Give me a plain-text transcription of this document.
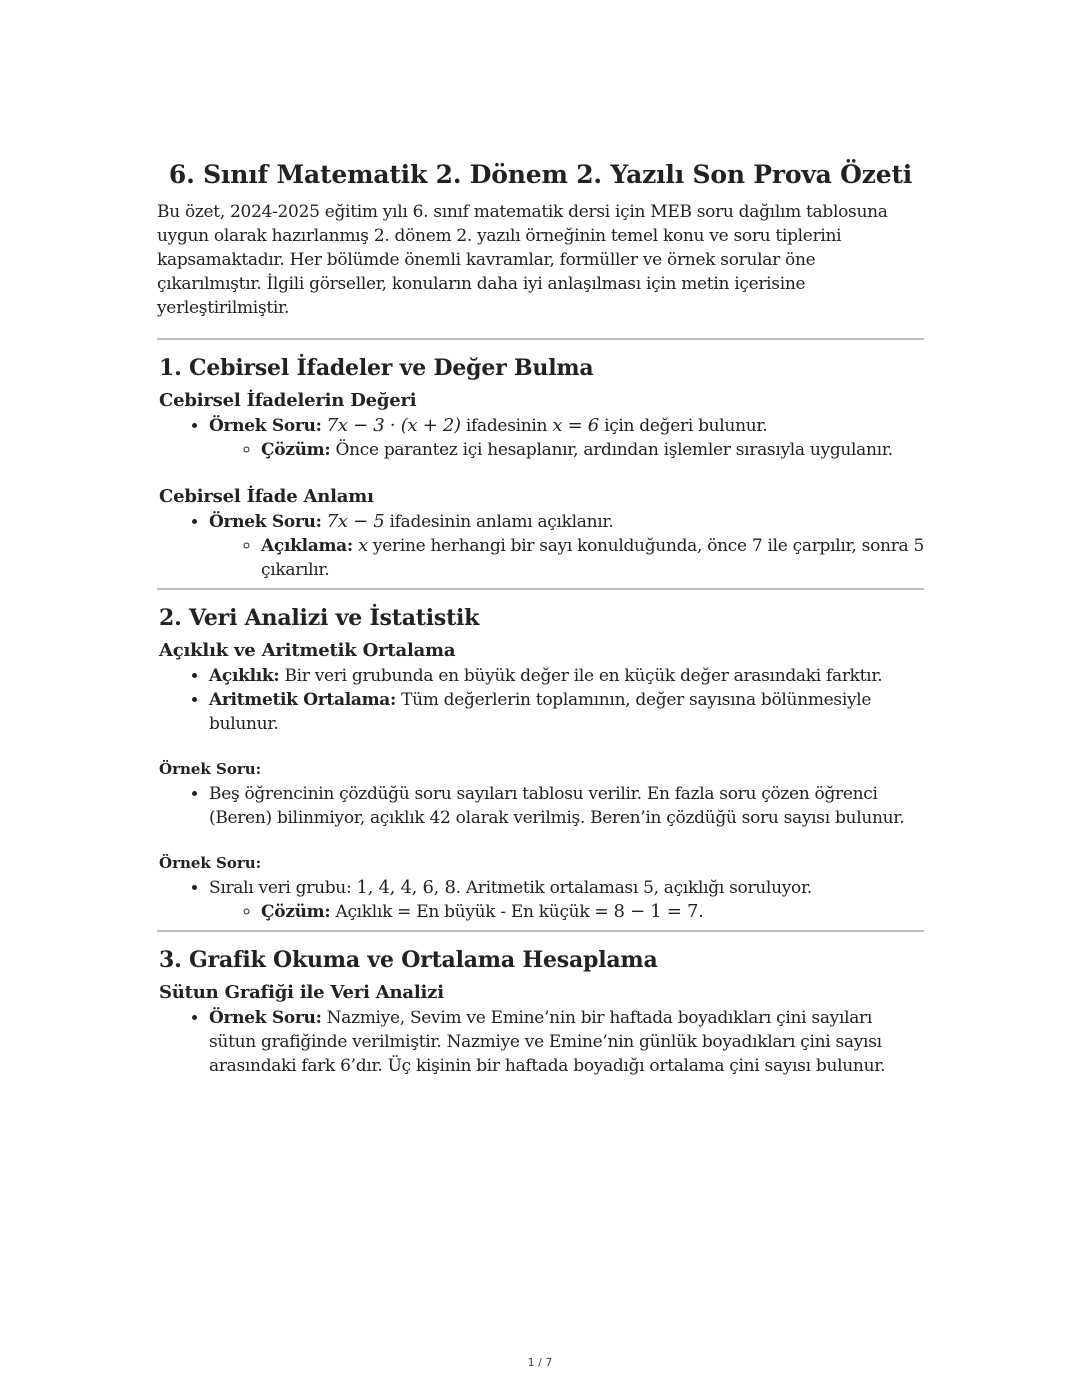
6. Sınıf Matematik 2. Dönem 2. Yazılı Son Prova Özeti

Bu özet, 2024-2025 eğitim yılı 6. sınıf matematik dersi için MEB soru dağılım tablosuna uygun olarak hazırlanmış 2. dönem 2. yazılı örneğinin temel konu ve soru tiplerini kapsamaktadır. Her bölümde önemli kavramlar, formüller ve örnek sorular öne çıkarılmıştır. İlgili görseller, konuların daha iyi anlaşılması için metin içerisine yerleştirilmiştir.

1. Cebirsel İfadeler ve Değer Bulma
Cebirsel İfadelerin Değeri
• Örnek Soru: 7x − 3 · (x + 2) ifadesinin x = 6 için değeri bulunur.
◦ Çözüm: Önce parantez içi hesaplanır, ardından işlemler sırasıyla uygulanır.
Cebirsel İfade Anlamı
• Örnek Soru: 7x − 5 ifadesinin anlamı açıklanır.
◦ Açıklama: x yerine herhangi bir sayı konulduğunda, önce 7 ile çarpılır, sonra 5 çıkarılır.
2. Veri Analizi ve İstatistik
Açıklık ve Aritmetik Ortalama
• Açıklık: Bir veri grubunda en büyük değer ile en küçük değer arasındaki farktır.
• Aritmetik Ortalama: Tüm değerlerin toplamının, değer sayısına bölünmesiyle bulunur.
Örnek Soru:
• Beş öğrencinin çözdüğü soru sayıları tablosu verilir. En fazla soru çözen öğrenci (Beren) bilinmiyor, açıklık 42 olarak verilmiş. Beren’in çözdüğü soru sayısı bulunur.
Örnek Soru:
• Sıralı veri grubu: 1, 4, 4, 6, 8. Aritmetik ortalaması 5, açıklığı soruluyor.
◦ Çözüm: Açıklık = En büyük - En küçük = 8 − 1 = 7.
3. Grafik Okuma ve Ortalama Hesaplama
Sütun Grafiği ile Veri Analizi
• Örnek Soru: Nazmiye, Sevim ve Emine’nin bir haftada boyadıkları çini sayıları sütun grafiğinde verilmiştir. Nazmiye ve Emine’nin günlük boyadıkları çini sayısı arasındaki fark 6’dır. Üç kişinin bir haftada boyadığı ortalama çini sayısı bulunur.
1 / 7
